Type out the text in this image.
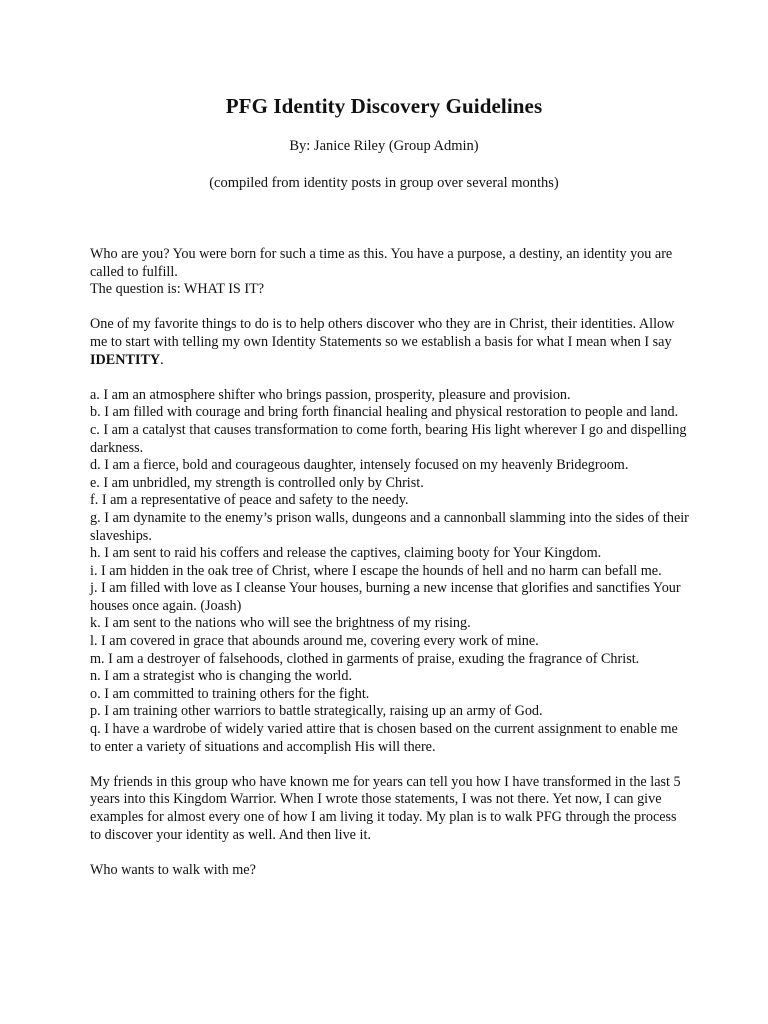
PFG Identity Discovery Guidelines
By: Janice Riley (Group Admin)
(compiled from identity posts in group over several months)

Who are you? You were born for such a time as this. You have a purpose, a destiny, an identity you are called to fulfill.

The question is: WHAT IS IT?

One of my favorite things to do is to help others discover who they are in Christ, their identities. Allow me to start with telling my own Identity Statements so we establish a basis for what I mean when I say IDENTITY.

a. I am an atmosphere shifter who brings passion, prosperity, pleasure and provision.

b. I am filled with courage and bring forth financial healing and physical restoration to people and land.

c. I am a catalyst that causes transformation to come forth, bearing His light wherever I go and dispelling darkness.

d. I am a fierce, bold and courageous daughter, intensely focused on my heavenly Bridegroom.

e. I am unbridled, my strength is controlled only by Christ.

f. I am a representative of peace and safety to the needy.

g. I am dynamite to the enemy’s prison walls, dungeons and a cannonball slamming into the sides of their slaveships.

h. I am sent to raid his coffers and release the captives, claiming booty for Your Kingdom.

i. I am hidden in the oak tree of Christ, where I escape the hounds of hell and no harm can befall me.

j. I am filled with love as I cleanse Your houses, burning a new incense that glorifies and sanctifies Your houses once again. (Joash)

k. I am sent to the nations who will see the brightness of my rising.

l. I am covered in grace that abounds around me, covering every work of mine.

m. I am a destroyer of falsehoods, clothed in garments of praise, exuding the fragrance of Christ.

n. I am a strategist who is changing the world.

o. I am committed to training others for the fight.

p. I am training other warriors to battle strategically, raising up an army of God.

q. I have a wardrobe of widely varied attire that is chosen based on the current assignment to enable me to enter a variety of situations and accomplish His will there.

My friends in this group who have known me for years can tell you how I have transformed in the last 5 years into this Kingdom Warrior. When I wrote those statements, I was not there. Yet now, I can give examples for almost every one of how I am living it today. My plan is to walk PFG through the process to discover your identity as well. And then live it.

Who wants to walk with me?
